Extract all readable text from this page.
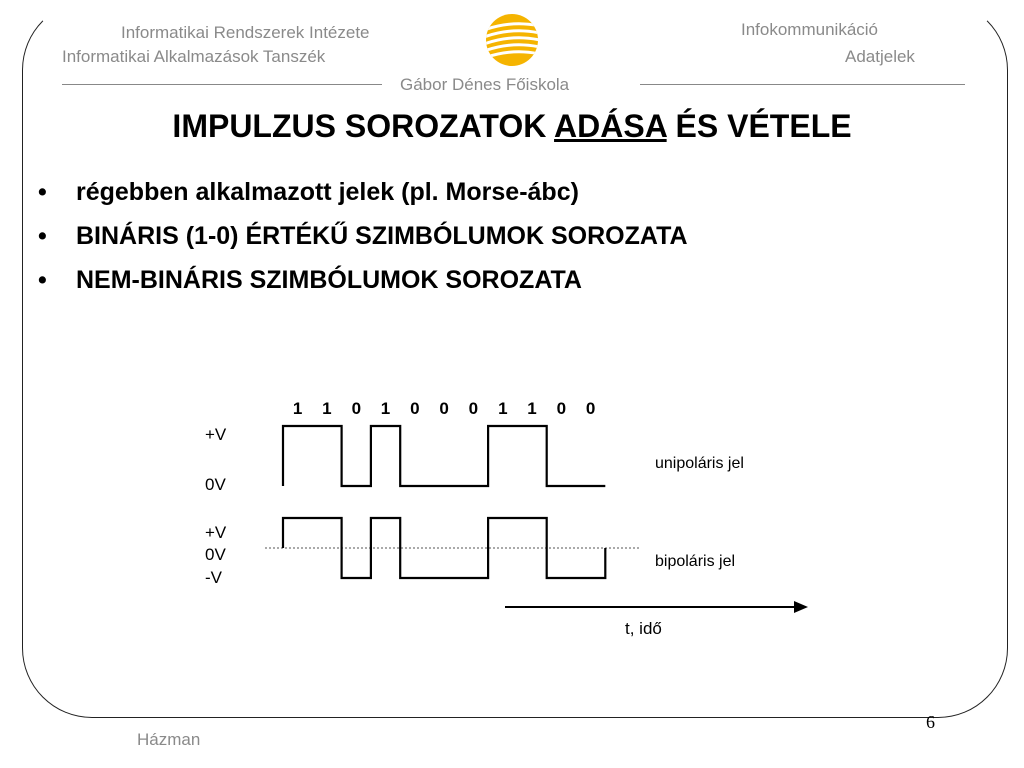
Informatikai Rendszerek Intézete
Informatikai Alkalmazások Tanszék
Infokommunikáció
Adatjelek
Gábor Dénes Főiskola
IMPULZUS SOROZATOK ADÁSA ÉS VÉTELE
• régebben alkalmazott jelek (pl. Morse-ábc)
• BINÁRIS (1-0) ÉRTÉKŰ SZIMBÓLUMOK SOROZATA
• NEM-BINÁRIS SZIMBÓLUMOK SOROZATA
1 1 0 1 0 0 0 1 1 0 0
+V
0V
unipoláris jel
+V
0V
-V
bipoláris jel
t, idő
Házman
6
